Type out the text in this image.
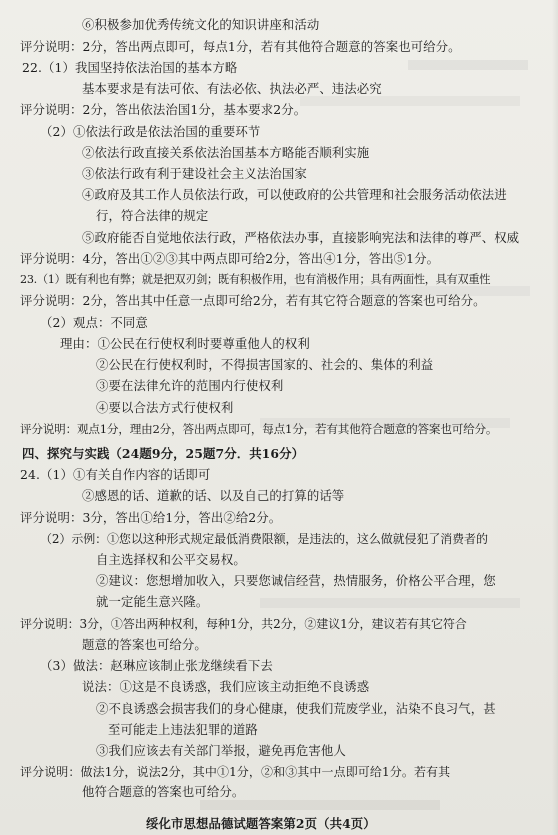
⑥积极参加优秀传统文化的知识讲座和活动
评分说明：2分，答出两点即可，每点1分，若有其他符合题意的答案也可给分。
22.（1）我国坚持依法治国的基本方略
基本要求是有法可依、有法必依、执法必严、违法必究
评分说明：2分，答出依法治国1分，基本要求2分。
（2）①依法行政是依法治国的重要环节
②依法行政直接关系依法治国基本方略能否顺利实施
③依法行政有利于建设社会主义法治国家
④政府及其工作人员依法行政，可以使政府的公共管理和社会服务活动依法进
行，符合法律的规定
⑤政府能否自觉地依法行政，严格依法办事，直接影响宪法和法律的尊严、权威
评分说明：4分，答出①②③其中两点即可给2分，答出④1分，答出⑤1分。
23.（1）既有利也有弊；就是把双刃剑；既有积极作用，也有消极作用；具有两面性，具有双重性
评分说明：2分，答出其中任意一点即可给2分，若有其它符合题意的答案也可给分。
（2）观点：不同意
理由：①公民在行使权利时要尊重他人的权利
②公民在行使权利时，不得损害国家的、社会的、集体的利益
③要在法律允许的范围内行使权利
④要以合法方式行使权利
评分说明：观点1分，理由2分，答出两点即可，每点1分，若有其他符合题意的答案也可给分。
四、探究与实践（24题9分，25题7分．共16分）
24.（1）①有关自作内容的话即可
②感恩的话、道歉的话、以及自己的打算的话等
评分说明：3分，答出①给1分，答出②给2分。
（2）示例：①您以这种形式规定最低消费限额，是违法的，这么做就侵犯了消费者的
自主选择权和公平交易权。
②建议：您想增加收入，只要您诚信经营，热情服务，价格公平合理，您
就一定能生意兴隆。
评分说明：3分，①答出两种权利，每种1分，共2分，②建议1分，建议若有其它符合
题意的答案也可给分。
（3）做法：赵琳应该制止张龙继续看下去
说法：①这是不良诱惑，我们应该主动拒绝不良诱惑
②不良诱惑会损害我们的身心健康，使我们荒废学业，沾染不良习气，甚
至可能走上违法犯罪的道路
③我们应该去有关部门举报，避免再危害他人
评分说明：做法1分，说法2分，其中①1分，②和③其中一点即可给1分。若有其
他符合题意的答案也可给分。
绥化市思想品德试题答案第2页（共4页）
